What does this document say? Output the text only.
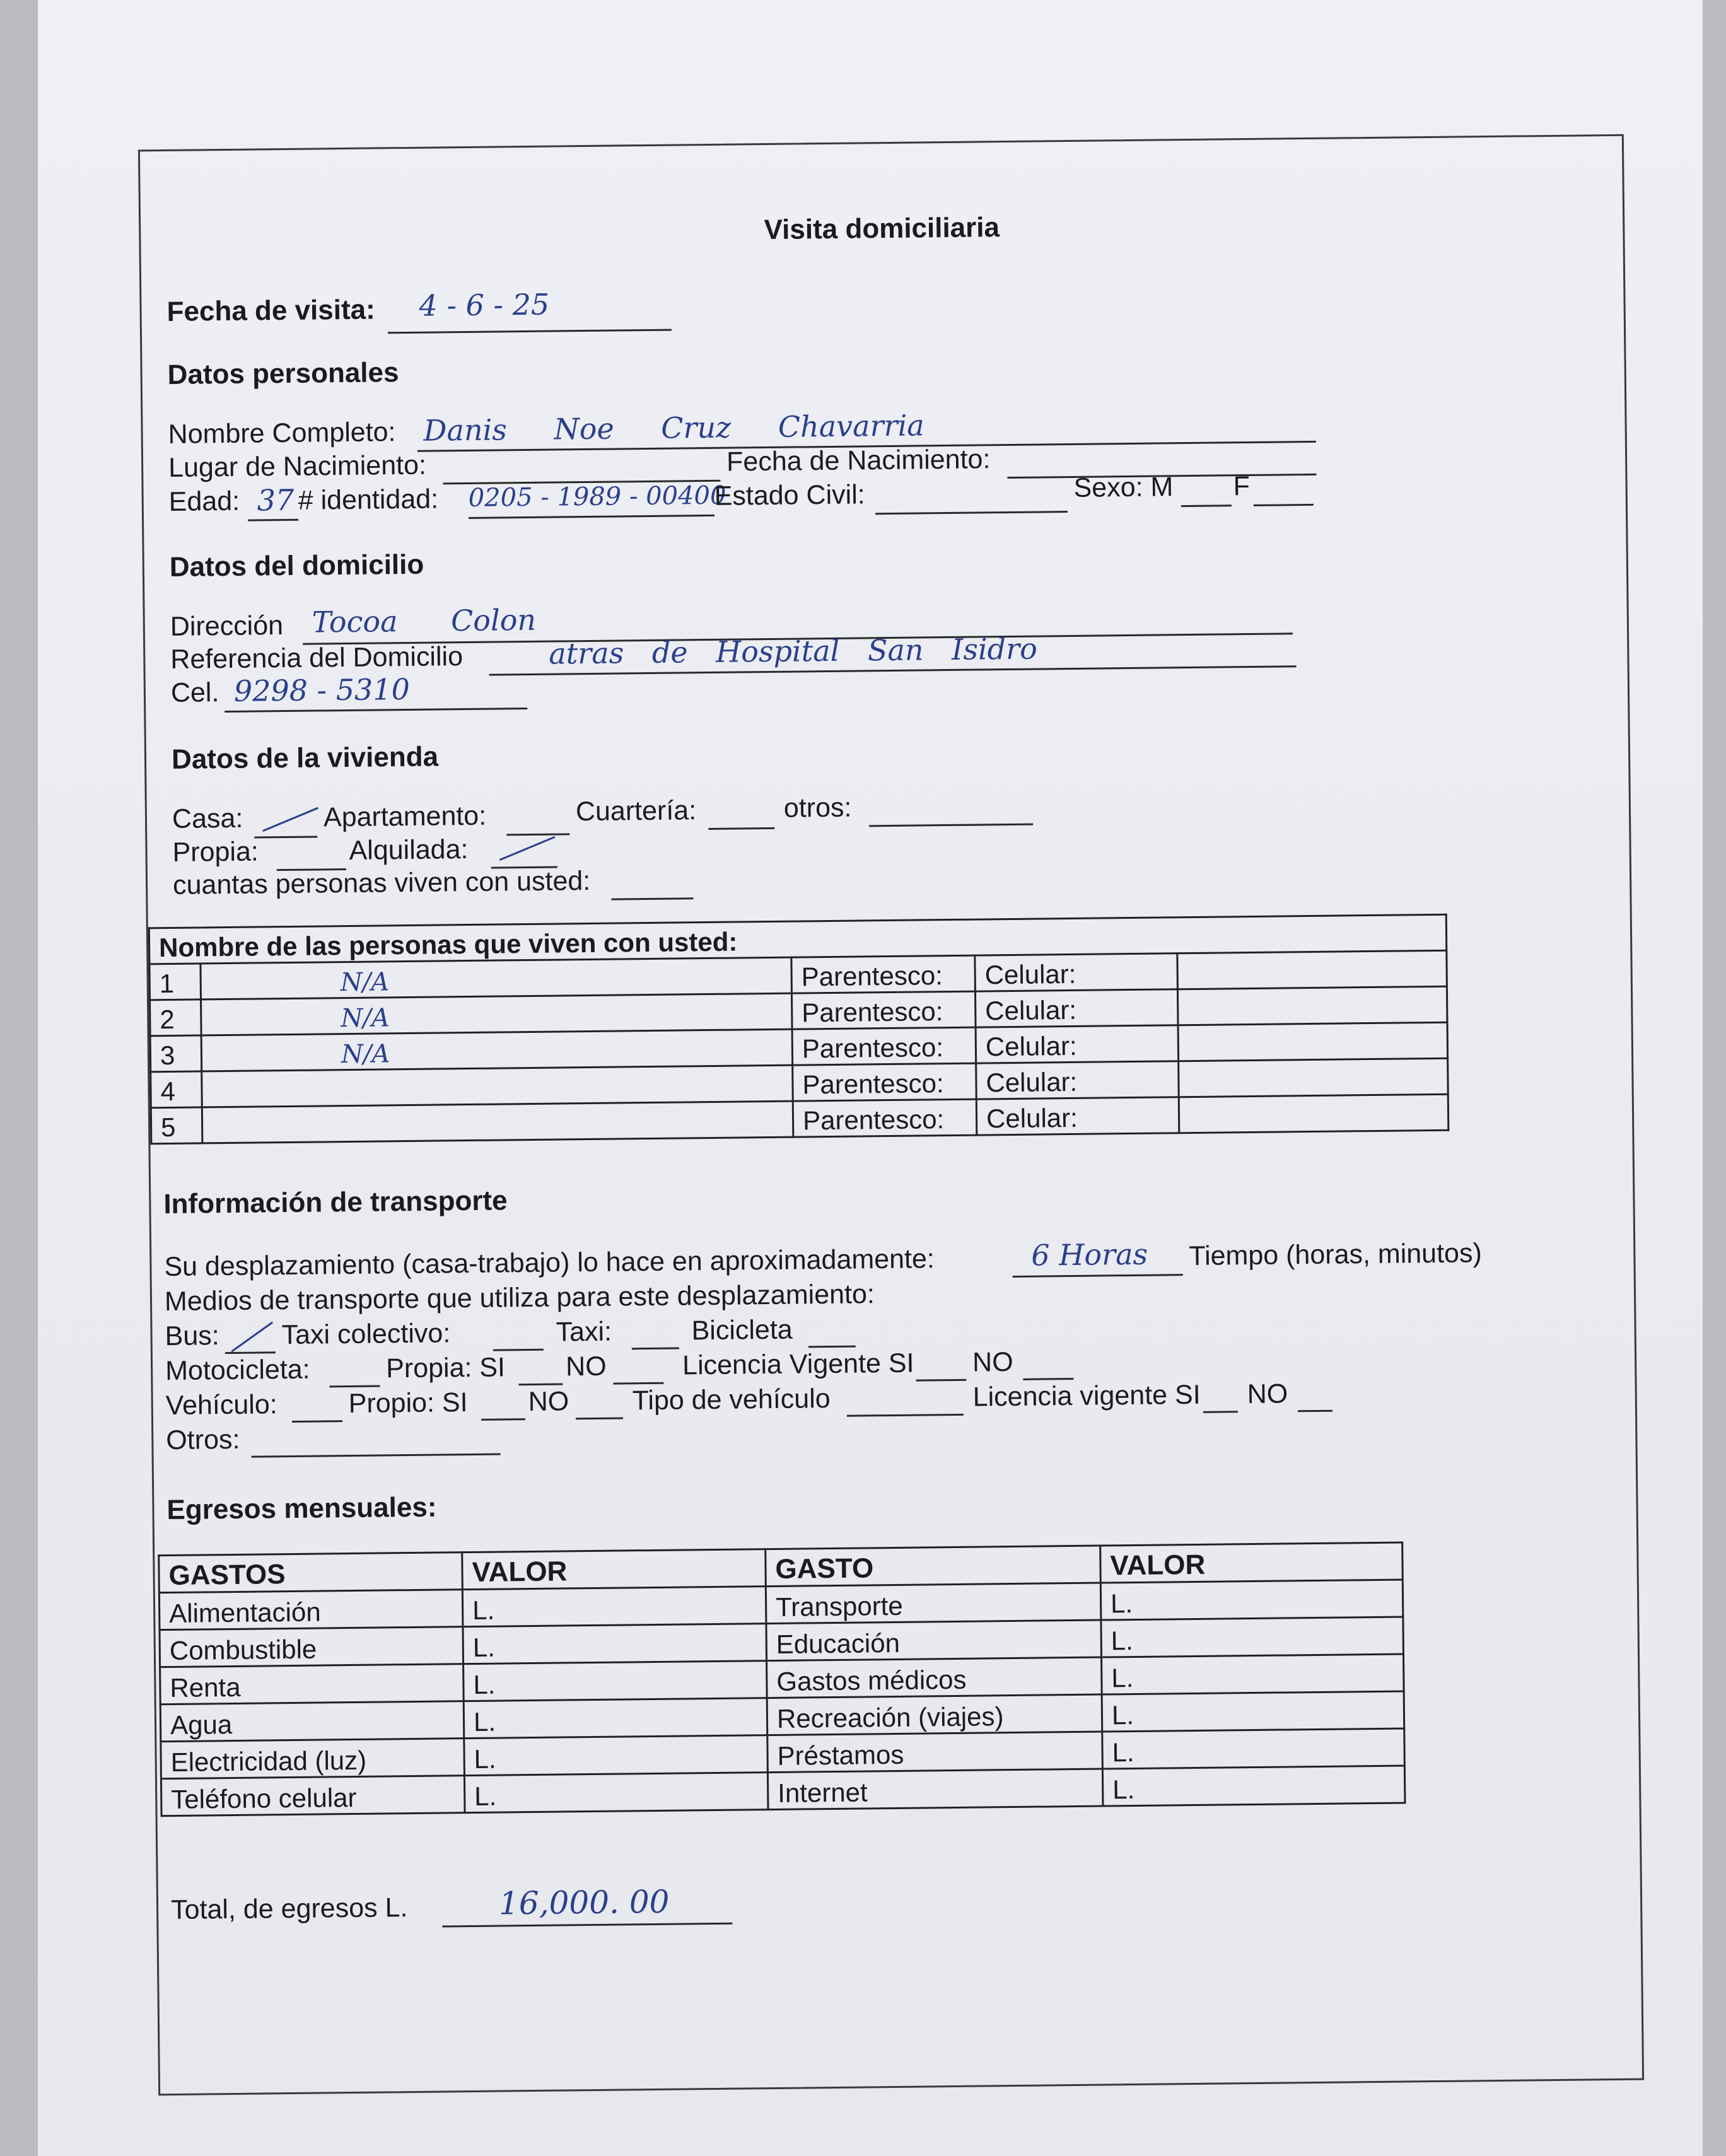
Visita domiciliaria
Fecha de visita: 4 - 6 - 25
Datos personales
Nombre Completo: Danis Noe Cruz Chavarria
Lugar de Nacimiento:	Fecha de Nacimiento:
Edad: 37 # identidad: 0205 - 1989 - 00400
Estado Civil:	Sexo: M F
Datos del domicilio
Dirección Tocoa Colon
Referencia del Domicilio	atras de Hospital San Isidro
Cel. 9298 - 5310
Datos de la vivienda
Casa:	Apartamento:	Cuartería:	otros:
Propia:	Alquilada:
cuantas personas viven con usted:
Nombre de las personas que viven con usted:				
1	N/A	Parentesco:	Celular:	
2	N/A	Parentesco:	Celular:	
3	N/A	Parentesco:	Celular:	
4		Parentesco:	Celular:	
5		Parentesco:	Celular:	
Información de transporte
Su desplazamiento (casa-trabajo) lo hace en aproximadamente:	6 Horas Tiempo (horas, minutos)
Medios de transporte que utiliza para este desplazamiento:
Bus: Taxi colectivo:	Taxi:	Bicicleta
Motocicleta:	Propia: SI NO	Licencia Vigente SI NO
Vehículo:	Propio: SI NO Tipo de vehículo	Licencia vigente SI NO
Otros:
Egresos mensuales:
GASTOS	VALOR	GASTO	VALOR
Alimentación	L.	Transporte	L.
Combustible	L.	Educación	L.
Renta	L.	Gastos médicos	L.
Agua	L.	Recreación (viajes)	L.
Electricidad (luz)	L.	Préstamos	L.
Teléfono celular	L.	Internet	L.
Total, de egresos L.	16,000. 00
